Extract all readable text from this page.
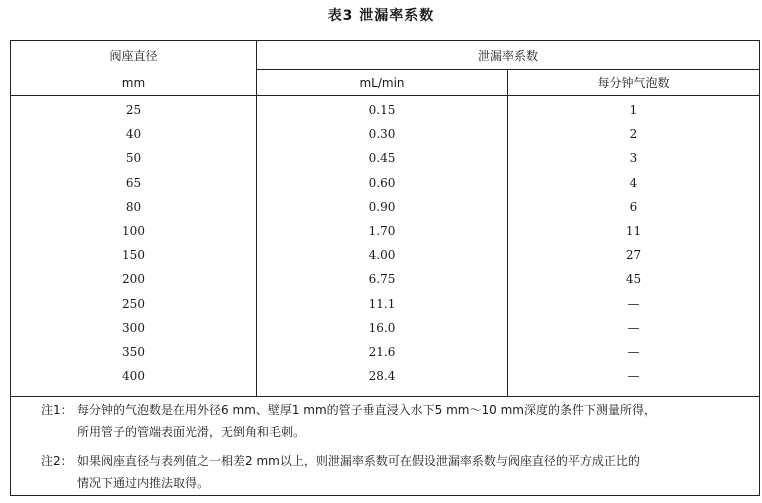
表3 泄漏率系数
阀座直径
mm
泄漏率系数
mL/min	每分钟气泡数
25	0.15	1
40	0.30	2
50	0.45	3
65	0.60	4
80	0.90	6
100	1.70	11
150	4.00	27
200	6.75	45
250	11.1	—
300	16.0	—
350	21.6	—
400	28.4	—
注1： 每分钟的气泡数是在用外径6 mm、壁厚1 mm的管子垂直浸入水下5 mm～10 mm深度的条件下测量所得，
所用管子的管端表面光滑，无倒角和毛刺。
注2： 如果阀座直径与表列值之一相差2 mm以上，则泄漏率系数可在假设泄漏率系数与阀座直径的平方成正比的
情况下通过内推法取得。
